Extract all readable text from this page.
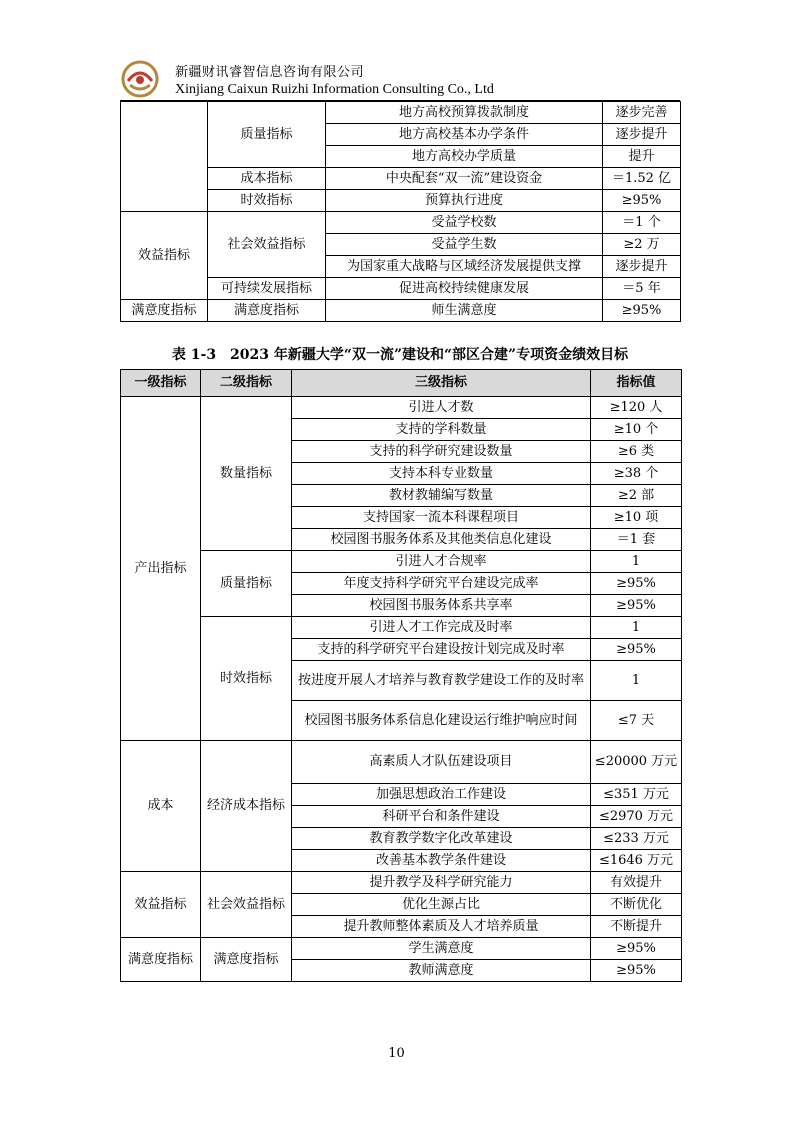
新疆财讯睿智信息咨询有限公司
Xinjiang Caixun Ruizhi Information Consulting Co., Ltd
	质量指标	地方高校预算拨款制度	逐步完善
		地方高校基本办学条件	逐步提升
		地方高校办学质量	提升
	成本指标	中央配套“双一流”建设资金	＝1.52 亿
	时效指标	预算执行进度	≥95%
效益指标	社会效益指标	受益学校数	＝1 个
		受益学生数	≥2 万
		为国家重大战略与区域经济发展提供支撑	逐步提升
	可持续发展指标	促进高校持续健康发展	＝5 年
满意度指标	满意度指标	师生满意度	≥95%
表 1-3　2023 年新疆大学“双一流”建设和“部区合建”专项资金绩效目标
一级指标	二级指标	三级指标	指标值
产出指标	数量指标	引进人才数	≥120 人
		支持的学科数量	≥10 个
		支持的科学研究建设数量	≥6 类
		支持本科专业数量	≥38 个
		教材教辅编写数量	≥2 部
		支持国家一流本科课程项目	≥10 项
		校园图书服务体系及其他类信息化建设	＝1 套
	质量指标	引进人才合规率	1
		年度支持科学研究平台建设完成率	≥95%
		校园图书服务体系共享率	≥95%
	时效指标	引进人才工作完成及时率	1
		支持的科学研究平台建设按计划完成及时率	≥95%
		按进度开展人才培养与教育教学建设工作的及时率	1
		校园图书服务体系信息化建设运行维护响应时间	≤7 天
成本	经济成本指标	高素质人才队伍建设项目	≤20000 万元
		加强思想政治工作建设	≤351 万元
		科研平台和条件建设	≤2970 万元
		教育教学数字化改革建设	≤233 万元
		改善基本教学条件建设	≤1646 万元
效益指标	社会效益指标	提升教学及科学研究能力	有效提升
		优化生源占比	不断优化
		提升教师整体素质及人才培养质量	不断提升
满意度指标	满意度指标	学生满意度	≥95%
		教师满意度	≥95%
10
